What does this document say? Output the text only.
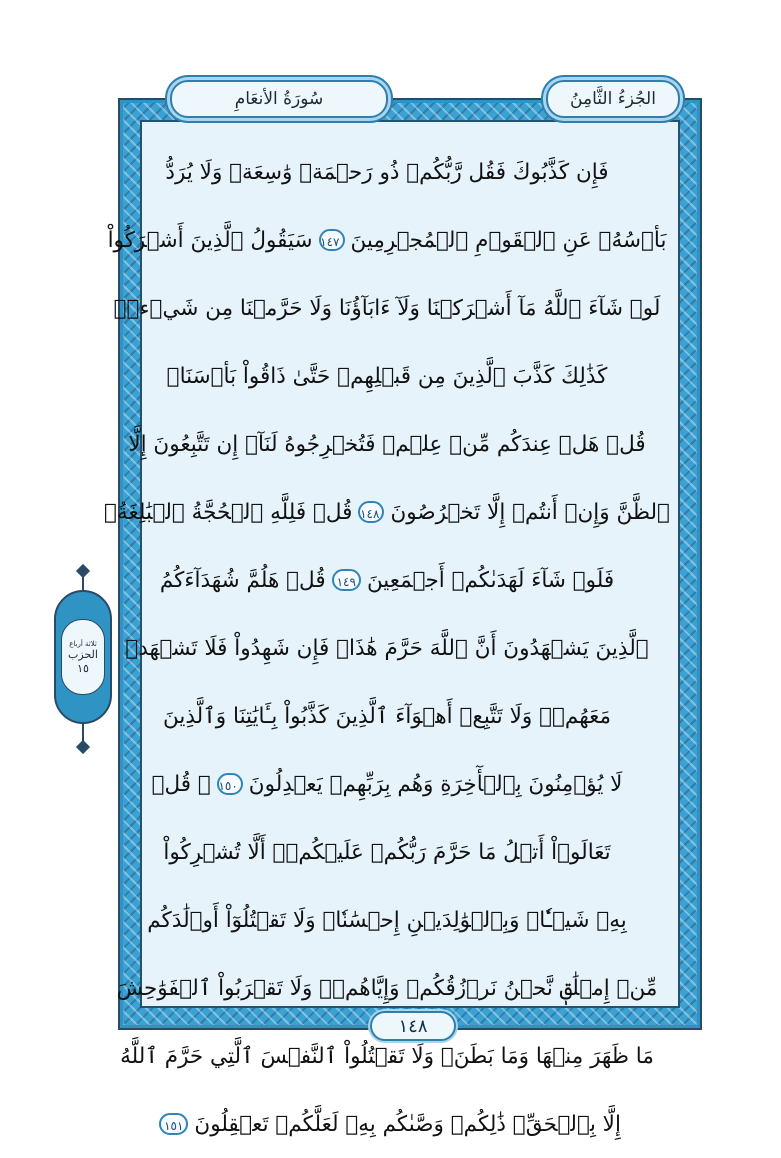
سُورَةُ الأنعَامِ	الجُزءُ الثَّامِنُ
فَإِن كَذَّبُوكَ فَقُل رَّبُّكُمۡ ذُو رَحۡمَةٖ وَٰسِعَةٖ وَلَا يُرَدُّ
بَأۡسُهُۥ عَنِ ٱلۡقَوۡمِ ٱلۡمُجۡرِمِينَ
١٤٧
سَيَقُولُ ٱلَّذِينَ أَشۡرَكُواْ
لَوۡ شَآءَ ٱللَّهُ مَآ أَشۡرَكۡنَا وَلَآ ءَابَآؤُنَا وَلَا حَرَّمۡنَا مِن شَيۡءٖۚ
كَذَٰلِكَ كَذَّبَ ٱلَّذِينَ مِن قَبۡلِهِمۡ حَتَّىٰ ذَاقُواْ بَأۡسَنَاۗ
قُلۡ هَلۡ عِندَكُم مِّنۡ عِلۡمٖ فَتُخۡرِجُوهُ لَنَآۖ إِن تَتَّبِعُونَ إِلَّا
ٱلظَّنَّ وَإِنۡ أَنتُمۡ إِلَّا تَخۡرُصُونَ
١٤٨
قُلۡ فَلِلَّهِ ٱلۡحُجَّةُ ٱلۡبَٰلِغَةُۖ
فَلَوۡ شَآءَ لَهَدَىٰكُمۡ أَجۡمَعِينَ
١٤٩
قُلۡ هَلُمَّ شُهَدَآءَكُمُ
ٱلَّذِينَ يَشۡهَدُونَ أَنَّ ٱللَّهَ حَرَّمَ هَٰذَاۖ فَإِن شَهِدُواْ فَلَا تَشۡهَدۡ
مَعَهُمۡۚ وَلَا تَتَّبِعۡ أَهۡوَآءَ ٱلَّذِينَ كَذَّبُواْ بِـَٔايَٰتِنَا وَٱلَّذِينَ
لَا يُؤۡمِنُونَ بِٱلۡأٓخِرَةِ وَهُم بِرَبِّهِمۡ يَعۡدِلُونَ
١٥٠
۞ قُلۡ
تَعَالَوۡاْ أَتۡلُ مَا حَرَّمَ رَبُّكُمۡ عَلَيۡكُمۡۖ أَلَّا تُشۡرِكُواْ
بِهِۦ شَيۡـٔٗاۖ وَبِٱلۡوَٰلِدَيۡنِ إِحۡسَٰنٗاۖ وَلَا تَقۡتُلُوٓاْ أَوۡلَٰدَكُم
مِّنۡ إِمۡلَٰقٖ نَّحۡنُ نَرۡزُقُكُمۡ وَإِيَّاهُمۡۖ وَلَا تَقۡرَبُواْ ٱلۡفَوَٰحِشَ
مَا ظَهَرَ مِنۡهَا وَمَا بَطَنَۖ وَلَا تَقۡتُلُواْ ٱلنَّفۡسَ ٱلَّتِي حَرَّمَ ٱللَّهُ
إِلَّا بِٱلۡحَقِّۚ ذَٰلِكُمۡ وَصَّىٰكُم بِهِۦ لَعَلَّكُمۡ تَعۡقِلُونَ
١٥١
ثلاثة أرباع
الحزب
١٥
١٤٨
